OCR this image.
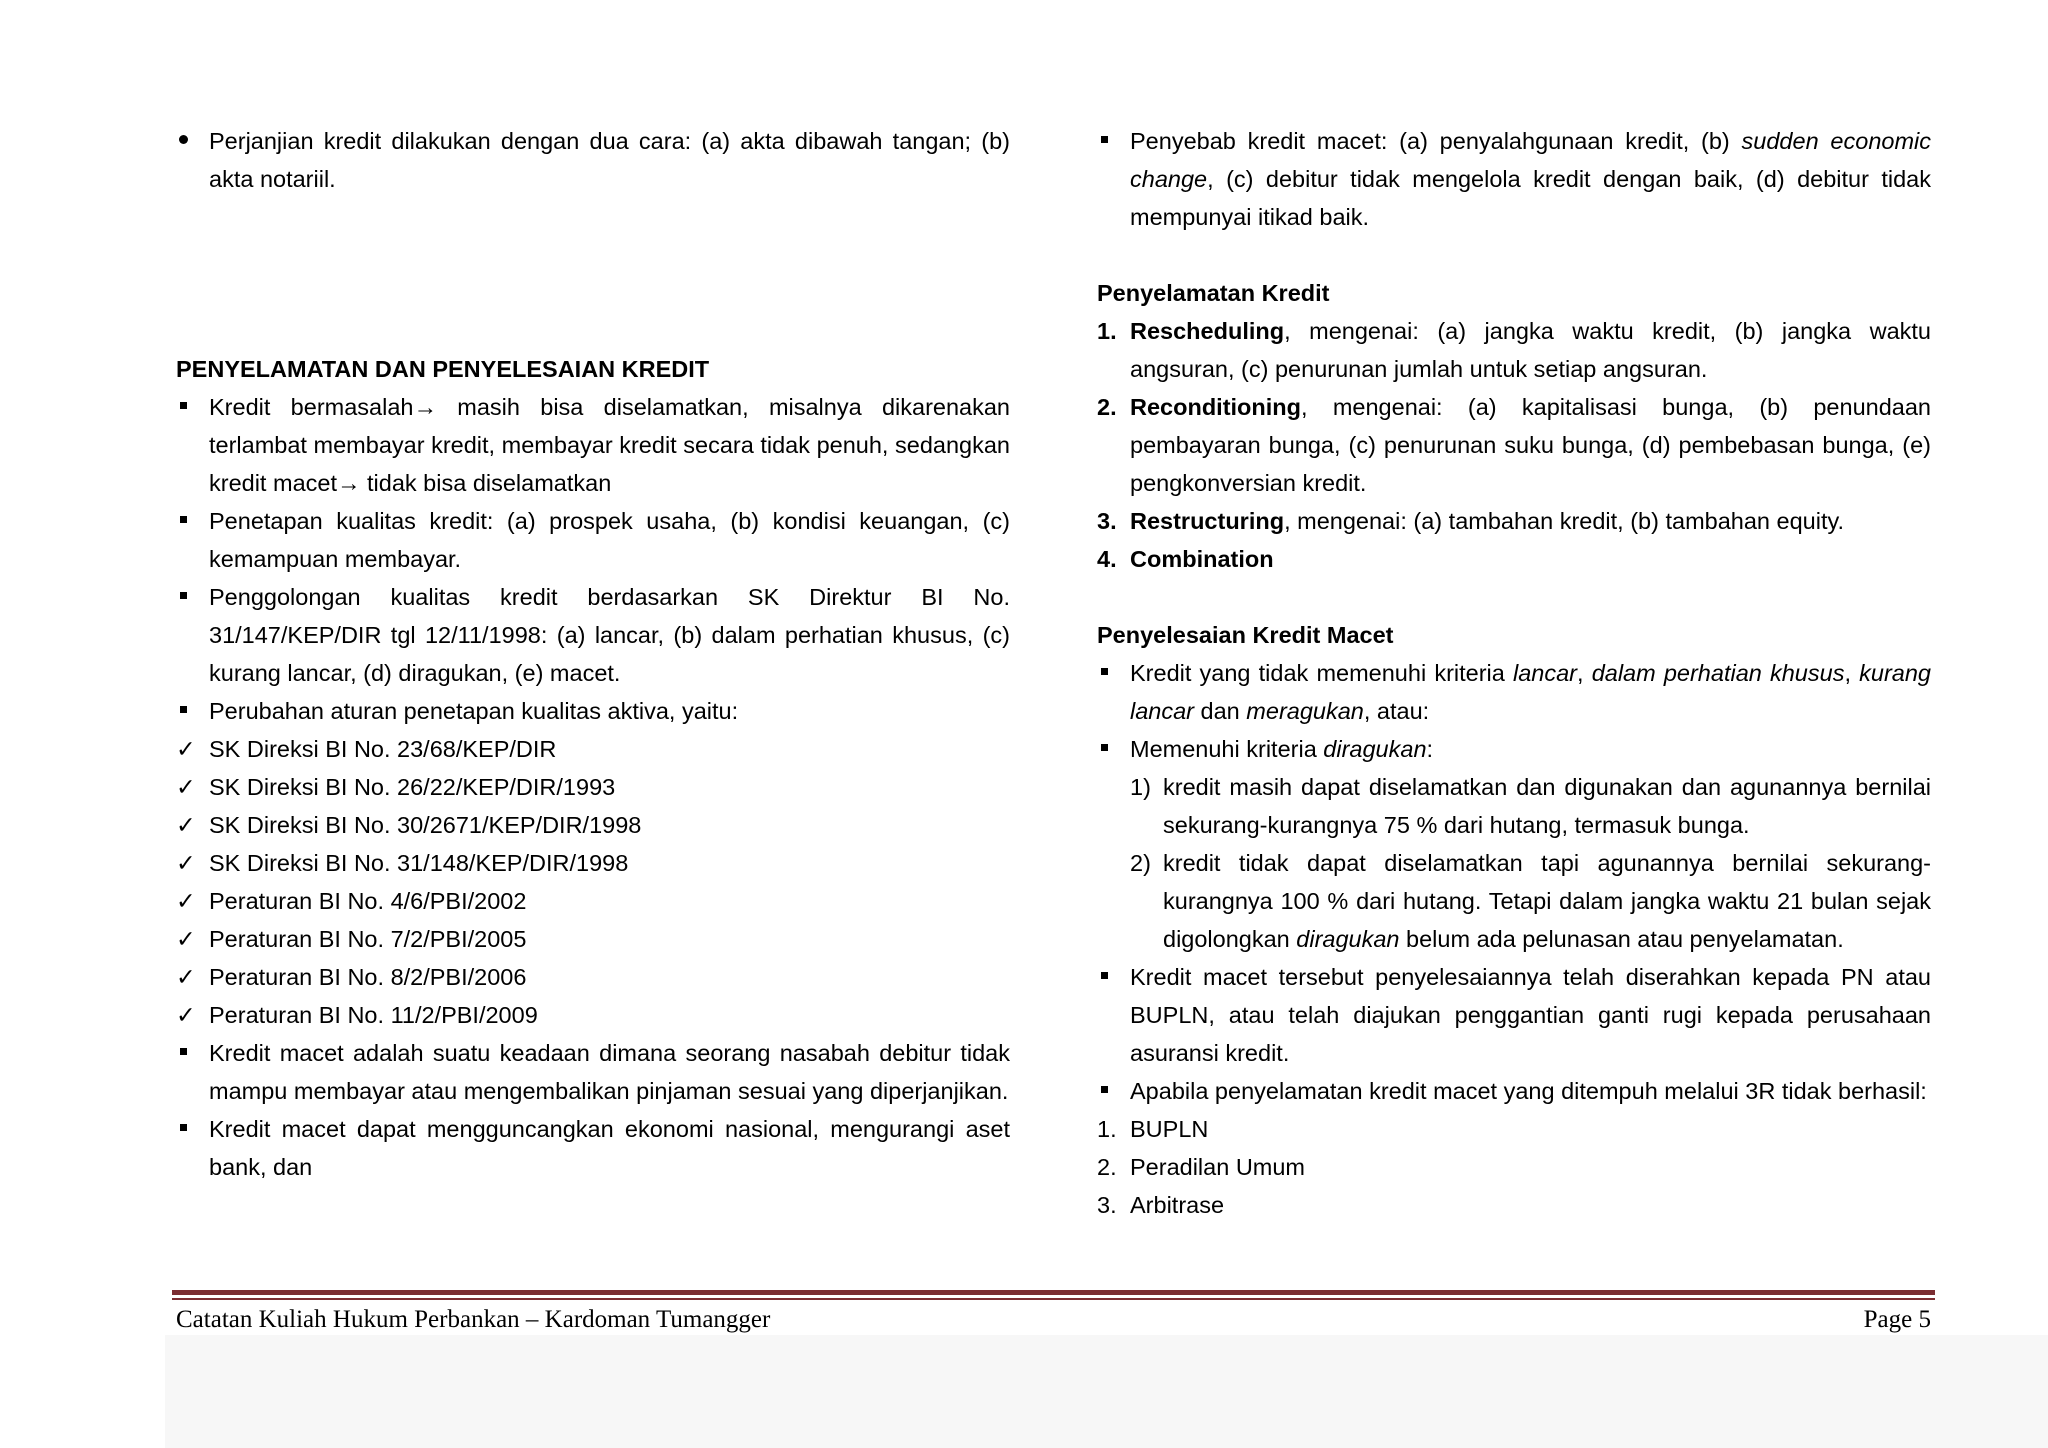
Perjanjian kredit dilakukan dengan dua cara: (a) akta dibawah tangan; (b) akta notariil.
PENYELAMATAN DAN PENYELESAIAN KREDIT
Kredit bermasalah→ masih bisa diselamatkan, misalnya dikarenakan terlambat membayar kredit, membayar kredit secara tidak penuh, sedangkan kredit macet→ tidak bisa diselamatkan
Penetapan kualitas kredit: (a) prospek usaha, (b) kondisi keuangan, (c) kemampuan membayar.
Penggolongan kualitas kredit berdasarkan SK Direktur BI No. 31/147/KEP/DIR tgl 12/11/1998: (a) lancar, (b) dalam perhatian khusus, (c) kurang lancar, (d) diragukan, (e) macet.
Perubahan aturan penetapan kualitas aktiva, yaitu:
✓ SK Direksi BI No. 23/68/KEP/DIR
✓ SK Direksi BI No. 26/22/KEP/DIR/1993
✓ SK Direksi BI No. 30/2671/KEP/DIR/1998
✓ SK Direksi BI No. 31/148/KEP/DIR/1998
✓ Peraturan BI No. 4/6/PBI/2002
✓ Peraturan BI No. 7/2/PBI/2005
✓ Peraturan BI No. 8/2/PBI/2006
✓ Peraturan BI No. 11/2/PBI/2009
Kredit macet adalah suatu keadaan dimana seorang nasabah debitur tidak mampu membayar atau mengembalikan pinjaman sesuai yang diperjanjikan.
Kredit macet dapat mengguncangkan ekonomi nasional, mengurangi aset bank, dan
Penyebab kredit macet: (a) penyalahgunaan kredit, (b) sudden economic change, (c) debitur tidak mengelola kredit dengan baik, (d) debitur tidak mempunyai itikad baik.
Penyelamatan Kredit
1. Rescheduling, mengenai: (a) jangka waktu kredit, (b) jangka waktu angsuran, (c) penurunan jumlah untuk setiap angsuran.
2. Reconditioning, mengenai: (a) kapitalisasi bunga, (b) penundaan pembayaran bunga, (c) penurunan suku bunga, (d) pembebasan bunga, (e) pengkonversian kredit.
3. Restructuring, mengenai: (a) tambahan kredit, (b) tambahan equity.
4. Combination
Penyelesaian Kredit Macet
Kredit yang tidak memenuhi kriteria lancar, dalam perhatian khusus, kurang lancar dan meragukan, atau:
Memenuhi kriteria diragukan:
1) kredit masih dapat diselamatkan dan digunakan dan agunannya bernilai sekurang-kurangnya 75 % dari hutang, termasuk bunga.
2) kredit tidak dapat diselamatkan tapi agunannya bernilai sekurang-kurangnya 100 % dari hutang. Tetapi dalam jangka waktu 21 bulan sejak digolongkan diragukan belum ada pelunasan atau penyelamatan.
Kredit macet tersebut penyelesaiannya telah diserahkan kepada PN atau BUPLN, atau telah diajukan penggantian ganti rugi kepada perusahaan asuransi kredit.
Apabila penyelamatan kredit macet yang ditempuh melalui 3R tidak berhasil:
1. BUPLN
2. Peradilan Umum
3. Arbitrase
Catatan Kuliah Hukum Perbankan – Kardoman Tumangger	Page 5
